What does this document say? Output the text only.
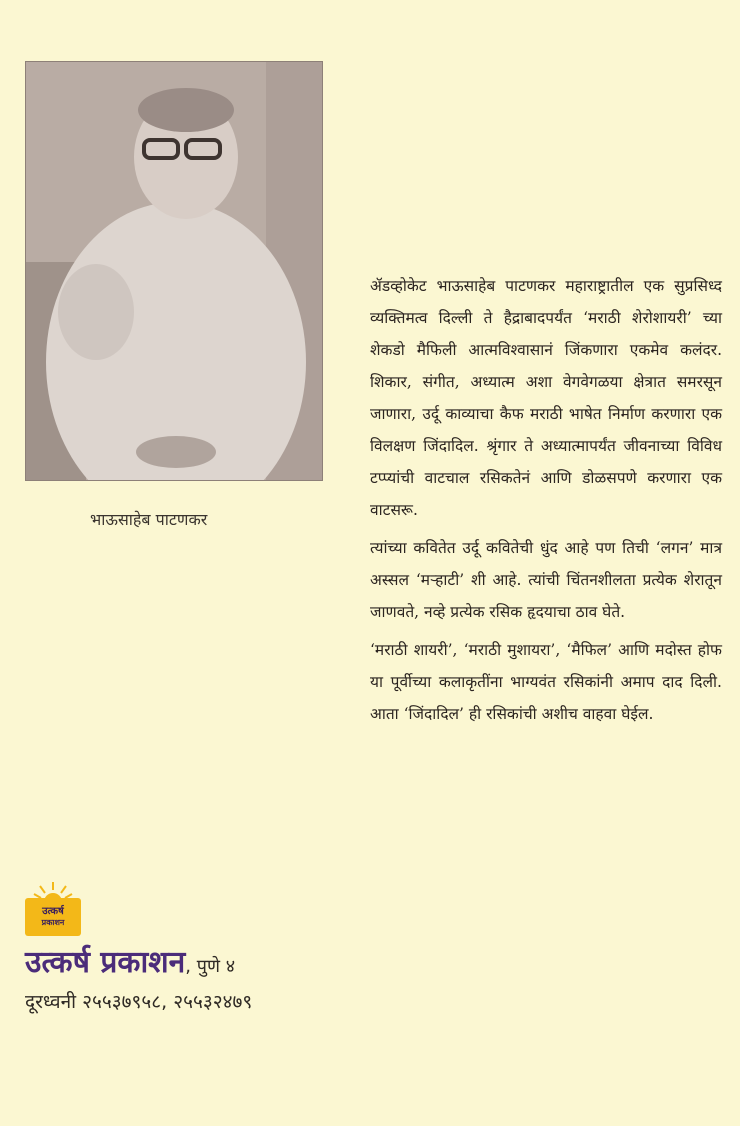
भाऊसाहेब पाटणकर

ॲडव्होकेट भाऊसाहेब पाटणकर महाराष्ट्रातील एक सुप्रसिध्द व्यक्तिमत्व दिल्ली ते हैद्राबादपर्यंत ‘मराठी शेरोशायरी’ च्या शेकडो मैफिली आत्मविश्वासानं जिंकणारा एकमेव कलंदर. शिकार, संगीत, अध्यात्म अशा वेगवेगळया क्षेत्रात समरसून जाणारा, उर्दू काव्याचा कैफ मराठी भाषेत निर्माण करणारा एक विलक्षण जिंदादिल. श्रृंगार ते अध्यात्मापर्यंत जीवनाच्या विविध टप्प्यांची वाटचाल रसिकतेनं आणि डोळसपणे करणारा एक वाटसरू.

त्यांच्या कवितेत उर्दू कवितेची धुंद आहे पण तिची ‘लगन’ मात्र अस्सल ‘मऱ्हाटी’ शी आहे. त्यांची चिंतनशीलता प्रत्येक शेरातून जाणवते, नव्हे प्रत्येक रसिक हृदयाचा ठाव घेते.

‘मराठी शायरी’, ‘मराठी मुशायरा’, ‘मैफिल’ आणि मदोस्त होफ या पूर्वीच्या कलाकृतींना भाग्यवंत रसिकांनी अमाप दाद दिली. आता ‘जिंदादिल’ ही रसिकांची अशीच वाहवा घेईल.

उत्कर्ष
प्रकाशन
उत्कर्ष प्रकाशन, पुणे ४
दूरध्वनी २५५३७९५८, २५५३२४७९
